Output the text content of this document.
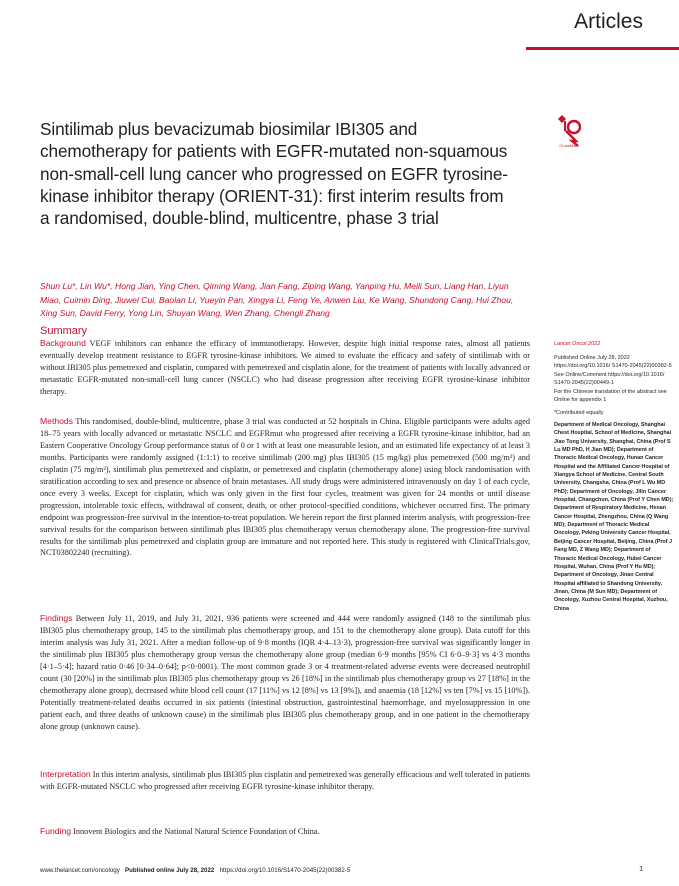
Articles
Sintilimab plus bevacizumab biosimilar IBI305 and chemotherapy for patients with EGFR-mutated non-squamous non-small-cell lung cancer who progressed on EGFR tyrosine-kinase inhibitor therapy (ORIENT-31): first interim results from a randomised, double-blind, multicentre, phase 3 trial
CrossMark
Shun Lu*, Lin Wu*, Hong Jian, Ying Chen, Qiming Wang, Jian Fang, Ziping Wang, Yanping Hu, Meili Sun, Liang Han, Liyun Miao, Cuimin Ding, Jiuwei Cui, Baolan Li, Yueyin Pan, Xingya Li, Feng Ye, Anwen Liu, Ke Wang, Shundong Cang, Hui Zhou, Xing Sun, David Ferry, Yong Lin, Shuyan Wang, Wen Zhang, Chengli Zhang
Summary
Background VEGF inhibitors can enhance the efficacy of immunotherapy. However, despite high initial response rates, almost all patients eventually develop treatment resistance to EGFR tyrosine-kinase inhibitors. We aimed to evaluate the efficacy and safety of sintilimab with or without IBI305 plus pemetrexed and cisplatin, compared with pemetrexed and cisplatin alone, for the treatment of patients with locally advanced or metastatic EGFR-mutated non-small-cell lung cancer (NSCLC) who had disease progression after receiving EGFR tyrosine-kinase inhibitor therapy.
Methods This randomised, double-blind, multicentre, phase 3 trial was conducted at 52 hospitals in China. Eligible participants were adults aged 18–75 years with locally advanced or metastatic NSCLC and EGFRmut who progressed after receiving a EGFR tyrosine-kinase inhibitor, had an Eastern Cooperative Oncology Group performance status of 0 or 1 with at least one measurable lesion, and an estimated life expectancy of at least 3 months. Participants were randomly assigned (1:1:1) to receive sintilimab (200 mg) plus IBI305 (15 mg/kg) plus pemetrexed (500 mg/m²) and cisplatin (75 mg/m²), sintilimab plus pemetrexed and cisplatin, or pemetrexed and cisplatin (chemotherapy alone) using block randomisation with stratification according to sex and presence or absence of brain metastases. All study drugs were administered intravenously on day 1 of each cycle, once every 3 weeks. Except for cisplatin, which was only given in the first four cycles, treatment was given for 24 months or until disease progression, intolerable toxic effects, withdrawal of consent, death, or other protocol-specified conditions, whichever occurred first. The primary endpoint was progression-free survival in the intention-to-treat population. We herein report the first planned interim analysis, with progression-free survival results for the comparison between sintilimab plus IBI305 plus chemotherapy versus chemotherapy alone. The progression-free survival results for the sintilimab plus pemetrexed and cisplatin group are immature and not reported here. This study is registered with ClinicalTrials.gov, NCT03802240 (recruiting).
Findings Between July 11, 2019, and July 31, 2021, 936 patients were screened and 444 were randomly assigned (148 to the sintilimab plus IBI305 plus chemotherapy group, 145 to the sintilimab plus chemotherapy group, and 151 to the chemotherapy alone group). Data cutoff for this interim analysis was July 31, 2021. After a median follow-up of 9·8 months (IQR 4·4–13·3), progression-free survival was significantly longer in the sintilimab plus IBI305 plus chemotherapy group versus the chemotherapy alone group (median 6·9 months [95% CI 6·0–9·3] vs 4·3 months [4·1–5·4]; hazard ratio 0·46 [0·34–0·64]; p<0·0001). The most common grade 3 or 4 treatment-related adverse events were decreased neutrophil count (30 [20%] in the sintilimab plus IBI305 plus chemotherapy group vs 26 [18%] in the sintilimab plus chemotherapy group vs 27 [18%] in the chemotherapy alone group), decreased white blood cell count (17 [11%] vs 12 [8%] vs 13 [9%]), and anaemia (18 [12%] vs ten [7%] vs 15 [10%]). Potentially treatment-related deaths occurred in six patients (intestinal obstruction, gastrointestinal haemorrhage, and myelosuppression in one patient each, and three deaths of unknown cause) in the sintilimab plus IBI305 plus chemotherapy group, and in one patient in the chemotherapy alone group (unknown cause).
Interpretation In this interim analysis, sintilimab plus IBI305 plus cisplatin and pemetrexed was generally efficacious and well tolerated in patients with EGFR-mutated NSCLC who progressed after receiving EGFR tyrosine-kinase inhibitor therapy.
Funding Innovent Biologics and the National Natural Science Foundation of China.
Lancet Oncol 2022
Published Online July 28, 2022 https://doi.org/10.1016/ S1470-2045(22)00382-5
See Online/Comment https://doi.org/10.1016/ S1470-2045(22)00449-1
For the Chinese translation of the abstract see Online for appendix 1
*Contributed equally
Department of Medical Oncology, Shanghai Chest Hospital, School of Medicine, Shanghai Jiao Tong University, Shanghai, China (Prof S Lu MD PhD, H Jian MD); Department of Thoracic Medical Oncology, Hunan Cancer Hospital and the Affiliated Cancer Hospital of Xiangya School of Medicine, Central South University, Changsha, China (Prof L Wu MD PhD); Department of Oncology, Jilin Cancer Hospital, Changchun, China (Prof Y Chen MD); Department of Respiratory Medicine, Henan Cancer Hospital, Zhengzhou, China (Q Wang MD); Department of Thoracic Medical Oncology, Peking University Cancer Hospital, Beijing Cancer Hospital, Beijing, China (Prof J Fang MD, Z Wang MD); Department of Thoracic Medical Oncology, Hubei Cancer Hospital, Wuhan, China (Prof Y Hu MD); Department of Oncology, Jinan Central Hospital affiliated to Shandong University, Jinan, China (M Sun MD); Department of Oncology, Xuzhou Central Hospital, Xuzhou, China
www.thelancet.com/oncology Published online July 28, 2022 https://doi.org/10.1016/S1470-2045(22)00382-5	1
